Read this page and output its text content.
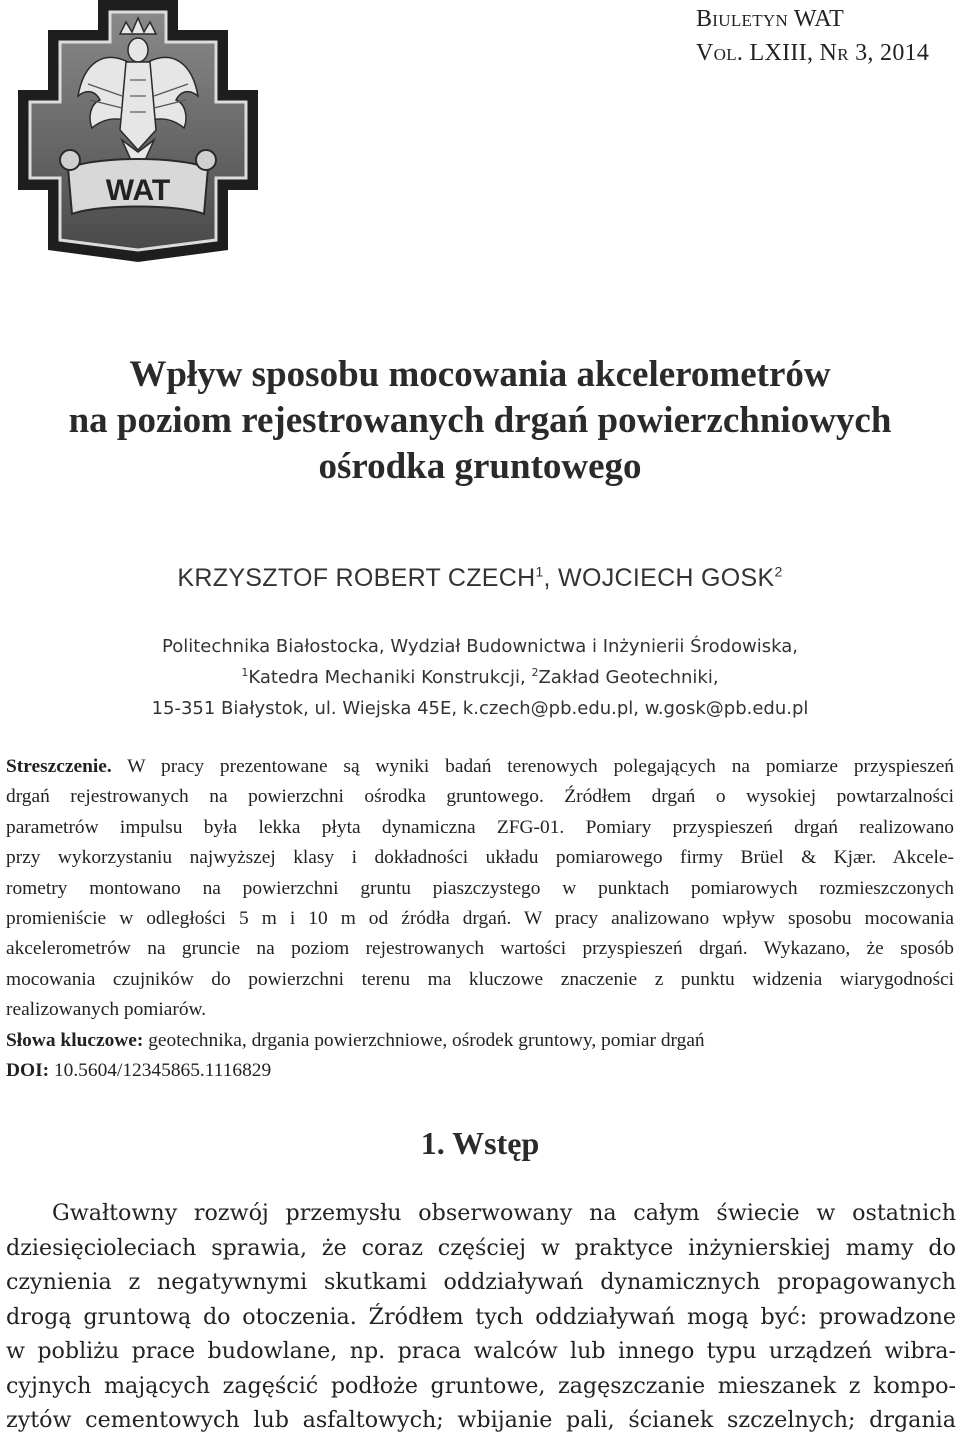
WAT
Biuletyn WAT
Vol. LXIII, Nr 3, 2014
Wpływ sposobu mocowania akcelerometrów
na poziom rejestrowanych drgań powierzchniowych
ośrodka gruntowego
KRZYSZTOF ROBERT CZECH$^1$, WOJCIECH GOSK$^2$
Politechnika Białostocka, Wydział Budownictwa i Inżynierii Środowiska,
$^1$Katedra Mechaniki Konstrukcji, $^2$Zakład Geotechniki,
15-351 Białystok, ul. Wiejska 45E, k.czech@pb.edu.pl, w.gosk@pb.edu.pl
Streszczenie. W pracy prezentowane są wyniki badań terenowych polegających na pomiarze przyspieszeń
drgań rejestrowanych na powierzchni ośrodka gruntowego. Źródłem drgań o wysokiej powtarzalności
parametrów impulsu była lekka płyta dynamiczna ZFG-01. Pomiary przyspieszeń drgań realizowano
przy wykorzystaniu najwyższej klasy i dokładności układu pomiarowego firmy Brüel & Kjær. Akcele-
rometry montowano na powierzchni gruntu piaszczystego w punktach pomiarowych rozmieszczonych
promieniście w odległości 5 m i 10 m od źródła drgań. W pracy analizowano wpływ sposobu mocowania
akcelerometrów na gruncie na poziom rejestrowanych wartości przyspieszeń drgań. Wykazano, że sposób
mocowania czujników do powierzchni terenu ma kluczowe znaczenie z punktu widzenia wiarygodności
realizowanych pomiarów.
Słowa kluczowe: geotechnika, drgania powierzchniowe, ośrodek gruntowy, pomiar drgań
DOI: 10.5604/12345865.1116829
1. Wstęp
Gwałtowny rozwój przemysłu obserwowany na całym świecie w ostatnich
dziesięcioleciach sprawia, że coraz częściej w praktyce inżynierskiej mamy do
czynienia z negatywnymi skutkami oddziaływań dynamicznych propagowanych
drogą gruntową do otoczenia. Źródłem tych oddziaływań mogą być: prowadzone
w pobliżu prace budowlane, np. praca walców lub innego typu urządzeń wibra-
cyjnych mających zagęścić podłoże gruntowe, zagęszczanie mieszanek z kompo-
zytów cementowych lub asfaltowych; wbijanie pali, ścianek szczelnych; drgania
